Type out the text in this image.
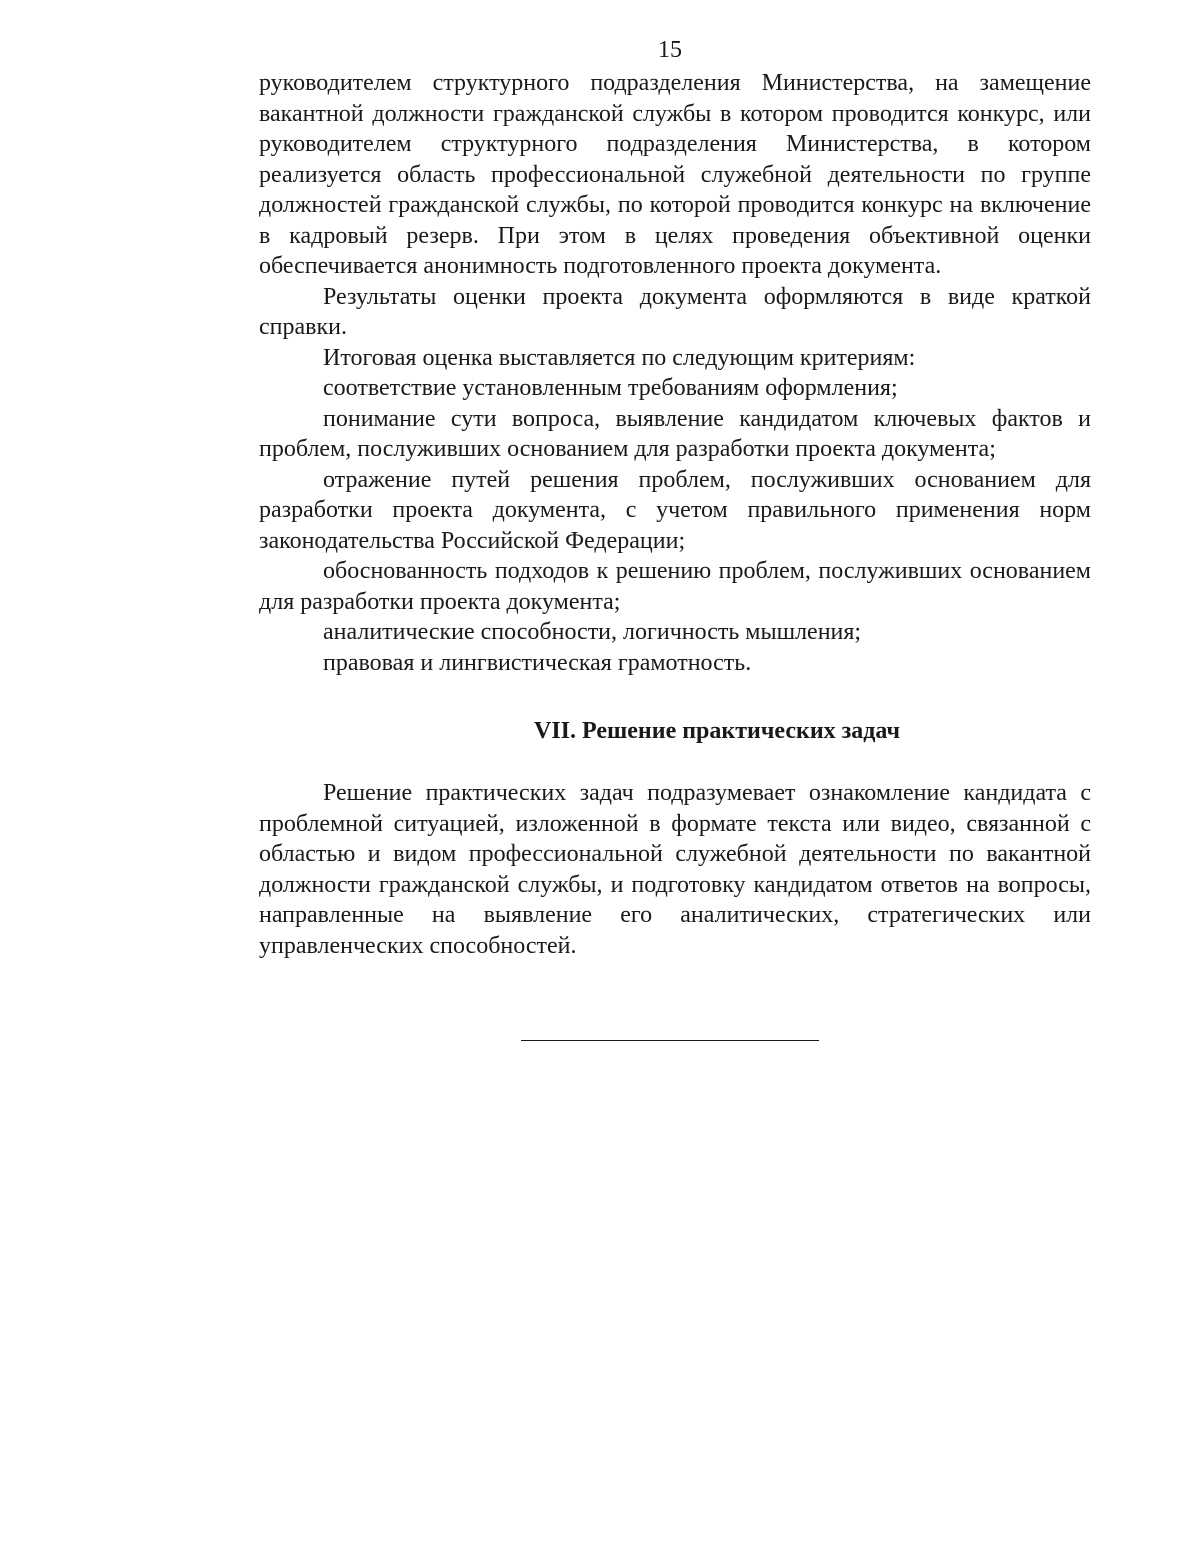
15

руководителем структурного подразделения Министерства, на замещение вакантной должности гражданской службы в котором проводится конкурс, или руководителем структурного подразделения Министерства, в котором реализуется область профессиональной служебной деятельности по группе должностей гражданской службы, по которой проводится конкурс на включение в кадровый резерв. При этом в целях проведения объективной оценки обеспечивается анонимность подготовленного проекта документа.

Результаты оценки проекта документа оформляются в виде краткой справки.

Итоговая оценка выставляется по следующим критериям:

соответствие установленным требованиям оформления;

понимание сути вопроса, выявление кандидатом ключевых фактов и проблем, послуживших основанием для разработки проекта документа;

отражение путей решения проблем, послуживших основанием для разработки проекта документа, с учетом правильного применения норм законодательства Российской Федерации;

обоснованность подходов к решению проблем, послуживших основанием для разработки проекта документа;

аналитические способности, логичность мышления;

правовая и лингвистическая грамотность.

VII. Решение практических задач

Решение практических задач подразумевает ознакомление кандидата с проблемной ситуацией, изложенной в формате текста или видео, связанной с областью и видом профессиональной служебной деятельности по вакантной должности гражданской службы, и подготовку кандидатом ответов на вопросы, направленные на выявление его аналитических, стратегических или управленческих способностей.
